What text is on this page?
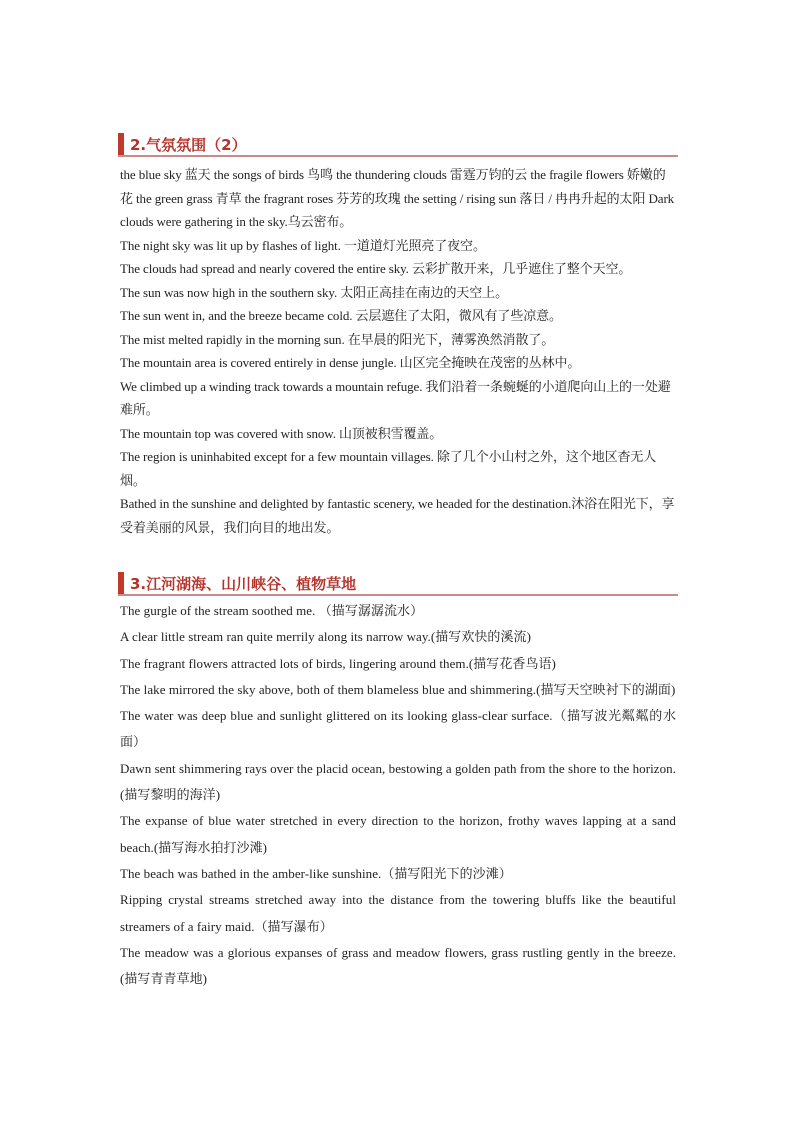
2.气氛氛围（2）

the blue sky 蓝天 the songs of birds 鸟鸣 the thundering clouds 雷霆万钧的云 the fragile flowers 娇嫩的花 the green grass 青草 the fragrant roses 芬芳的玫瑰 the setting / rising sun 落日 / 冉冉升起的太阳 Dark clouds were gathering in the sky.乌云密布。

The night sky was lit up by flashes of light. 一道道灯光照亮了夜空。

The clouds had spread and nearly covered the entire sky. 云彩扩散开来，几乎遮住了整个天空。

The sun was now high in the southern sky. 太阳正高挂在南边的天空上。

The sun went in, and the breeze became cold. 云层遮住了太阳，微风有了些凉意。

The mist melted rapidly in the morning sun. 在早晨的阳光下，薄雾涣然消散了。

The mountain area is covered entirely in dense jungle. 山区完全掩映在茂密的丛林中。

We climbed up a winding track towards a mountain refuge. 我们沿着一条蜿蜒的小道爬向山上的一处避难所。

The mountain top was covered with snow. 山顶被积雪覆盖。

The region is uninhabited except for a few mountain villages. 除了几个小山村之外，这个地区杳无人烟。

Bathed in the sunshine and delighted by fantastic scenery, we headed for the destination.沐浴在阳光下，享受着美丽的风景，我们向目的地出发。

3.江河湖海、山川峡谷、植物草地

The gurgle of the stream soothed me. （描写潺潺流水）

A clear little stream ran quite merrily along its narrow way.(描写欢快的溪流)

The fragrant flowers attracted lots of birds, lingering around them.(描写花香鸟语)

The lake mirrored the sky above, both of them blameless blue and shimmering.(描写天空映衬下的湖面)

The water was deep blue and sunlight glittered on its looking glass-clear surface.（描写波光粼粼的水面）

Dawn sent shimmering rays over the placid ocean, bestowing a golden path from the shore to the horizon.(描写黎明的海洋)

The expanse of blue water stretched in every direction to the horizon, frothy waves lapping at a sand beach.(描写海水拍打沙滩)

The beach was bathed in the amber-like sunshine.（描写阳光下的沙滩）

Ripping crystal streams stretched away into the distance from the towering bluffs like the beautiful streamers of a fairy maid.（描写瀑布）

The meadow was a glorious expanses of grass and meadow flowers, grass rustling gently in the breeze.(描写青青草地)
